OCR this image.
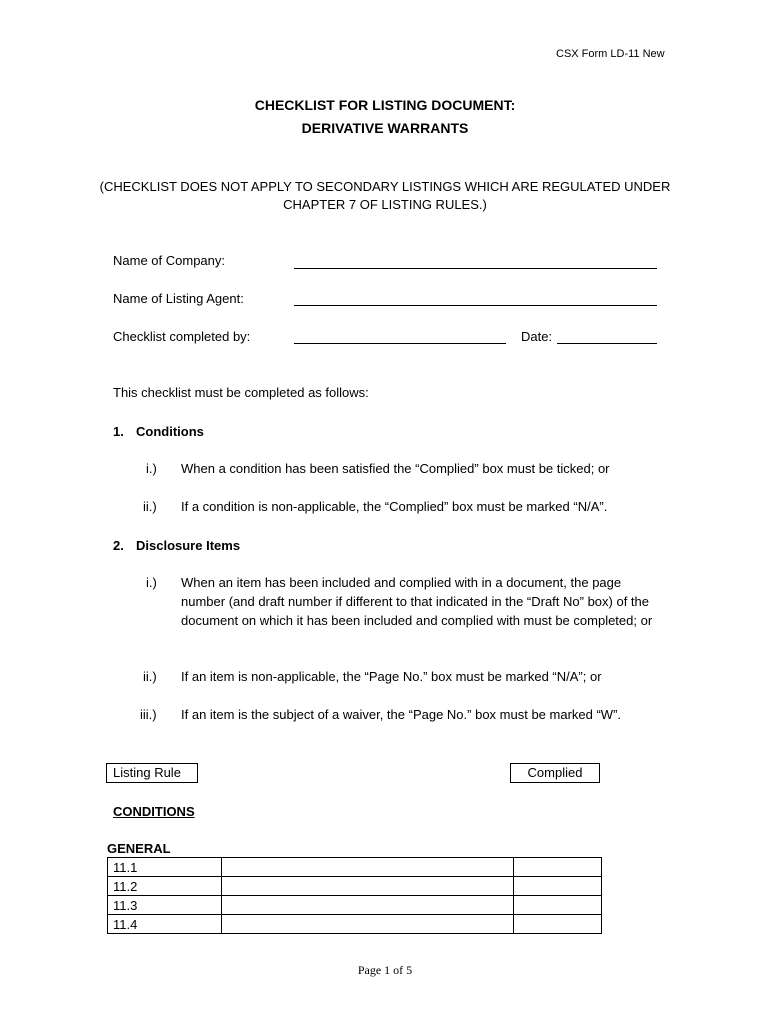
CSX Form LD-11 New
CHECKLIST FOR LISTING DOCUMENT:
DERIVATIVE WARRANTS
(CHECKLIST DOES NOT APPLY TO SECONDARY LISTINGS WHICH ARE REGULATED UNDER
CHAPTER 7 OF LISTING RULES.)
Name of Company:
Name of Listing Agent:
Checklist completed by:	Date:
This checklist must be completed as follows:
1. Conditions
i.) When a condition has been satisfied the “Complied” box must be ticked; or
ii.) If a condition is non-applicable, the “Complied” box must be marked “N/A”.
2. Disclosure Items
i.) When an item has been included and complied with in a document, the page number (and draft number if different to that indicated in the “Draft No” box) of the document on which it has been included and complied with must be completed; or
ii.) If an item is non-applicable, the “Page No.” box must be marked “N/A”; or
iii.) If an item is the subject of a waiver, the “Page No.” box must be marked “W”.
Listing Rule	Complied
CONDITIONS
GENERAL
11.1		
11.2		
11.3		
11.4		
Page 1 of 5
